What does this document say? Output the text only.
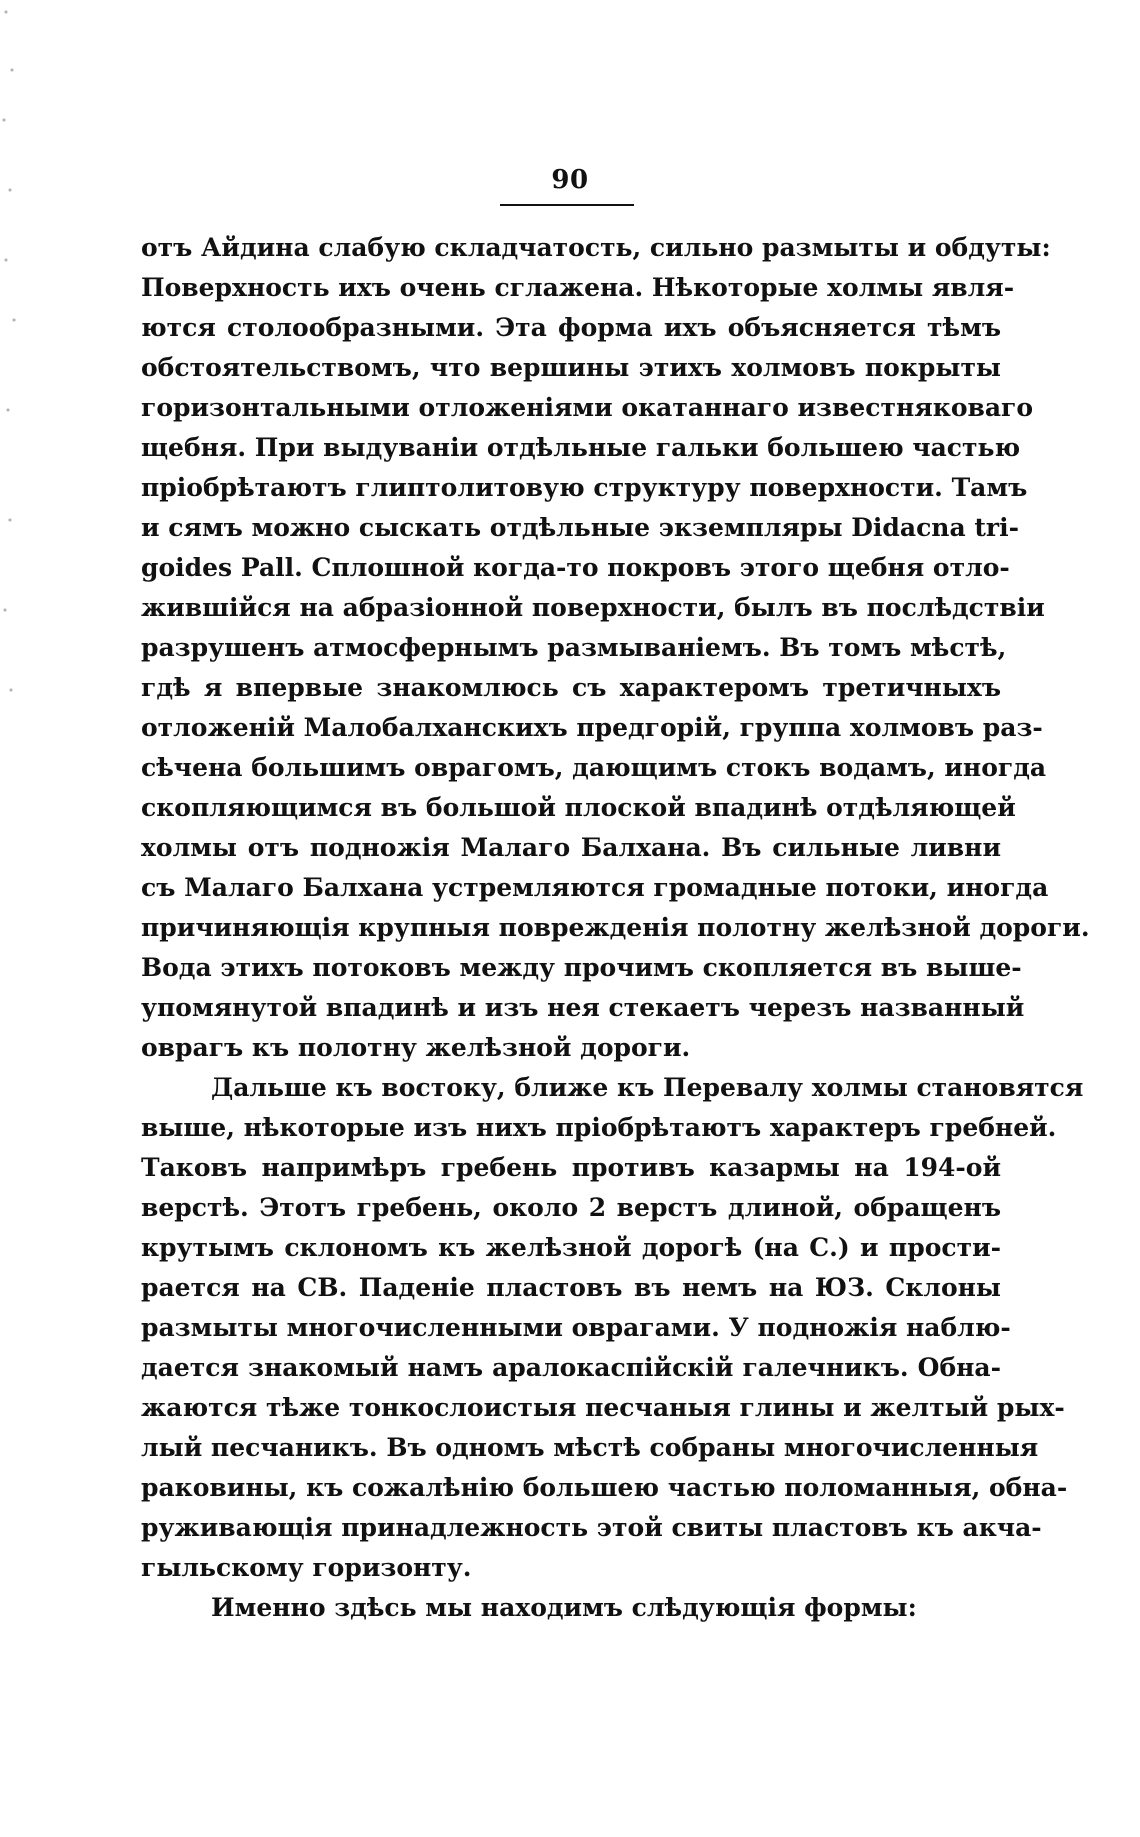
90
отъ Айдина слабую складчатость, сильно размыты и обдуты:
Поверхность ихъ очень сглажена. Нѣкоторые холмы явля-
ются столообразными. Эта форма ихъ объясняется тѣмъ
обстоятельствомъ, что вершины этихъ холмовъ покрыты
горизонтальными отложеніями окатаннаго известняковаго
щебня. При выдуваніи отдѣльные гальки большею частью
пріобрѣтаютъ глиптолитовую структуру поверхности. Тамъ
и сямъ можно сыскать отдѣльные экземпляры Didacna tri-
goides Pall. Сплошной когда-то покровъ этого щебня отло-
жившiйся на абразiонной поверхности, былъ въ послѣдствiи
разрушенъ атмосфернымъ размываніемъ. Въ томъ мѣстѣ,
гдѣ я впервые знакомлюсь съ характеромъ третичныхъ
отложеній Малобалханскихъ предгорій, группа холмовъ раз-
сѣчена большимъ оврагомъ, дающимъ стокъ водамъ, иногда
скопляющимся въ большой плоской впадинѣ отдѣляющей
холмы отъ подножія Малаго Балхана. Въ сильные ливни
съ Малаго Балхана устремляются громадные потоки, иногда
причиняющія крупныя поврежденія полотну желѣзной дороги.
Вода этихъ потоковъ между прочимъ скопляется въ выше-
упомянутой впадинѣ и изъ нея стекаетъ черезъ названный
оврагъ къ полотну желѣзной дороги.
Дальше къ востоку, ближе къ Перевалу холмы становятся
выше, нѣкоторые изъ нихъ пріобрѣтаютъ характеръ гребней.
Таковъ напримѣръ гребень противъ казармы на 194-ой
верстѣ. Этотъ гребень, около 2 верстъ длиной, обращенъ
крутымъ склономъ къ желѣзной дорогѣ (на С.) и прости-
рается на СВ. Паденіе пластовъ въ немъ на ЮЗ. Склоны
размыты многочисленными оврагами. У подножія наблю-
дается знакомый намъ аралокаспійскій галечникъ. Обна-
жаются тѣже тонкослоистыя песчаныя глины и желтый рых-
лый песчаникъ. Въ одномъ мѣстѣ собраны многочисленныя
раковины, къ сожалѣнію большею частью поломанныя, обна-
руживающія принадлежность этой свиты пластовъ къ акча-
гыльскому горизонту.
Именно здѣсь мы находимъ слѣдующія формы:
